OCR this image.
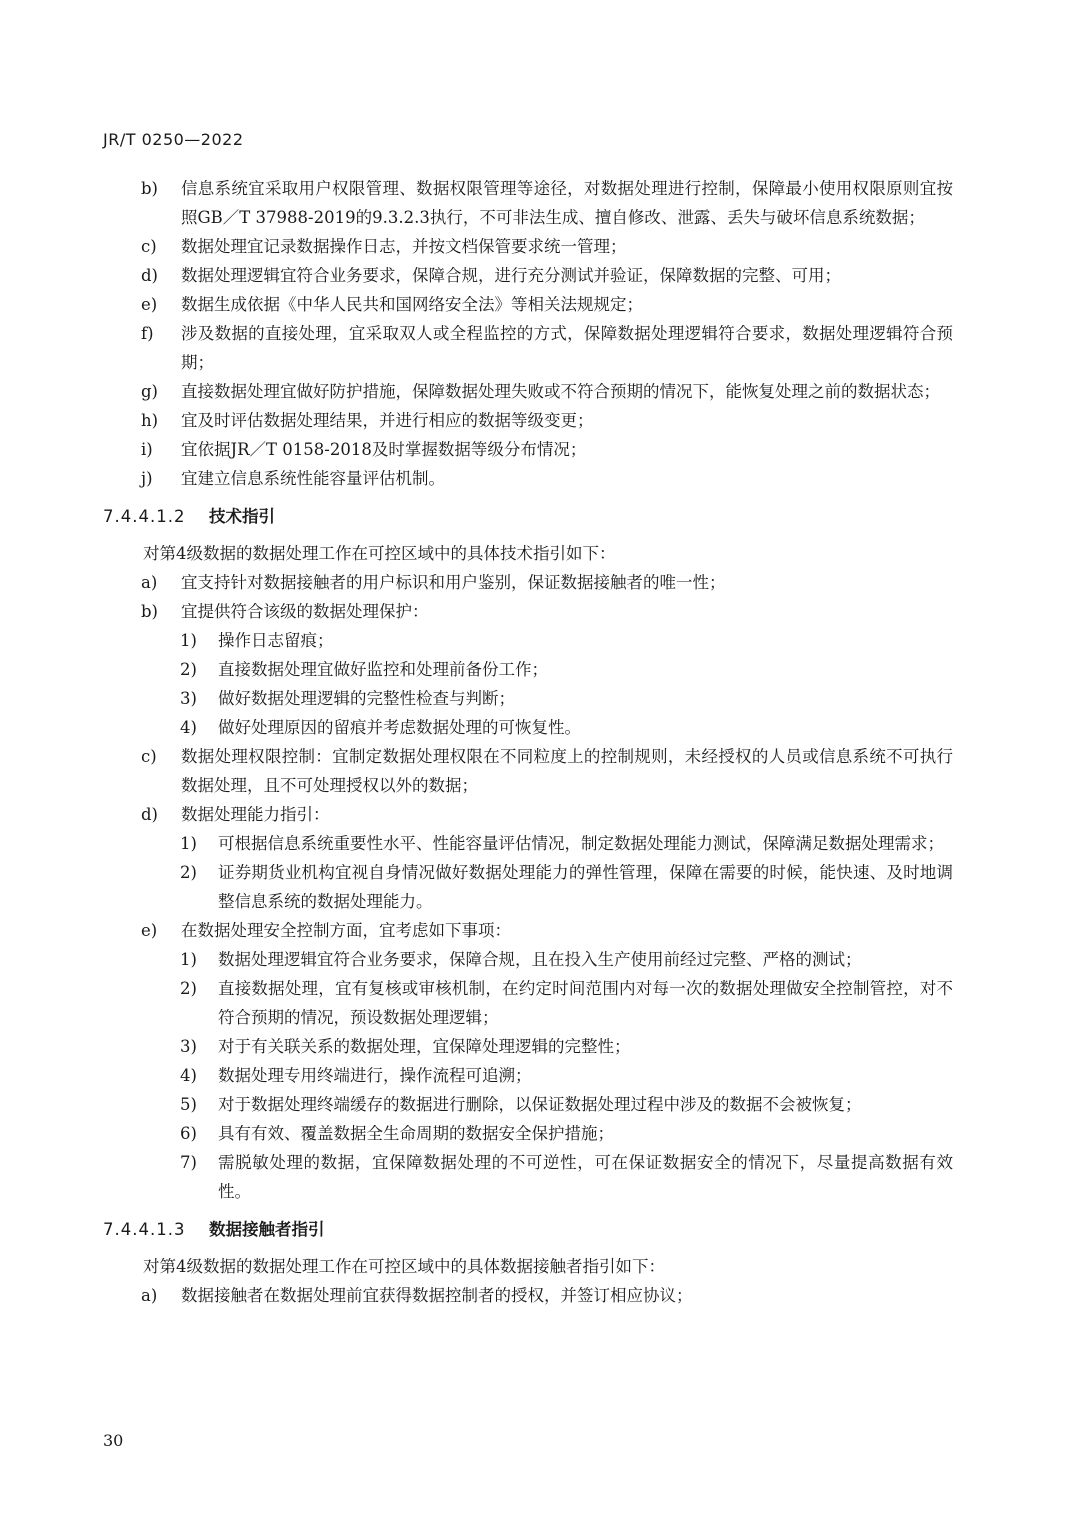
JR/T 0250—2022
b)	信息系统宜采取用户权限管理、数据权限管理等途径，对数据处理进行控制，保障最小使用权限原则宜按照GB／T 37988-2019的9.3.2.3执行，不可非法生成、擅自修改、泄露、丢失与破坏信息系统数据；
c)	数据处理宜记录数据操作日志，并按文档保管要求统一管理；
d)	数据处理逻辑宜符合业务要求，保障合规，进行充分测试并验证，保障数据的完整、可用；
e)	数据生成依据《中华人民共和国网络安全法》等相关法规规定；
f)	涉及数据的直接处理，宜采取双人或全程监控的方式，保障数据处理逻辑符合要求，数据处理逻辑符合预期；
g)	直接数据处理宜做好防护措施，保障数据处理失败或不符合预期的情况下，能恢复处理之前的数据状态；
h)	宜及时评估数据处理结果，并进行相应的数据等级变更；
i)	宜依据JR／T 0158-2018及时掌握数据等级分布情况；
j)	宜建立信息系统性能容量评估机制。
7.4.4.1.2	技术指引
对第4级数据的数据处理工作在可控区域中的具体技术指引如下：
a)	宜支持针对数据接触者的用户标识和用户鉴别，保证数据接触者的唯一性；
b)	宜提供符合该级的数据处理保护：
1)	操作日志留痕；
2)	直接数据处理宜做好监控和处理前备份工作；
3)	做好数据处理逻辑的完整性检查与判断；
4)	做好处理原因的留痕并考虑数据处理的可恢复性。
c)	数据处理权限控制：宜制定数据处理权限在不同粒度上的控制规则，未经授权的人员或信息系统不可执行数据处理，且不可处理授权以外的数据；
d)	数据处理能力指引：
1)	可根据信息系统重要性水平、性能容量评估情况，制定数据处理能力测试，保障满足数据处理需求；
2)	证券期货业机构宜视自身情况做好数据处理能力的弹性管理，保障在需要的时候，能快速、及时地调整信息系统的数据处理能力。
e)	在数据处理安全控制方面，宜考虑如下事项：
1)	数据处理逻辑宜符合业务要求，保障合规，且在投入生产使用前经过完整、严格的测试；
2)	直接数据处理，宜有复核或审核机制，在约定时间范围内对每一次的数据处理做安全控制管控，对不符合预期的情况，预设数据处理逻辑；
3)	对于有关联关系的数据处理，宜保障处理逻辑的完整性；
4)	数据处理专用终端进行，操作流程可追溯；
5)	对于数据处理终端缓存的数据进行删除，以保证数据处理过程中涉及的数据不会被恢复；
6)	具有有效、覆盖数据全生命周期的数据安全保护措施；
7)	需脱敏处理的数据，宜保障数据处理的不可逆性，可在保证数据安全的情况下，尽量提高数据有效性。
7.4.4.1.3	数据接触者指引
对第4级数据的数据处理工作在可控区域中的具体数据接触者指引如下：
a)	数据接触者在数据处理前宜获得数据控制者的授权，并签订相应协议；
30
